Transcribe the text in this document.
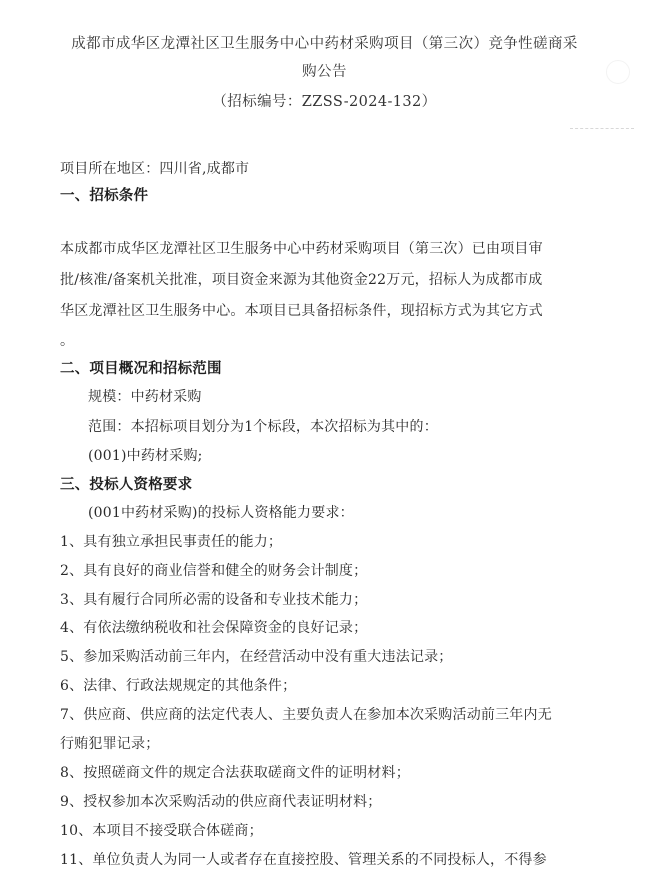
成都市成华区龙潭社区卫生服务中心中药材采购项目（第三次）竞争性磋商采
购公告
（招标编号：ZZSS-2024-132）
项目所在地区：四川省,成都市
一、招标条件
本成都市成华区龙潭社区卫生服务中心中药材采购项目（第三次）已由项目审
批/核准/备案机关批准，项目资金来源为其他资金22万元，招标人为成都市成
华区龙潭社区卫生服务中心。本项目已具备招标条件，现招标方式为其它方式
。
二、项目概况和招标范围
规模：中药材采购
范围：本招标项目划分为1个标段，本次招标为其中的：
(001)中药材采购;
三、投标人资格要求
(001中药材采购)的投标人资格能力要求：
1、具有独立承担民事责任的能力；
2、具有良好的商业信誉和健全的财务会计制度；
3、具有履行合同所必需的设备和专业技术能力；
4、有依法缴纳税收和社会保障资金的良好记录；
5、参加采购活动前三年内，在经营活动中没有重大违法记录；
6、法律、行政法规规定的其他条件；
7、供应商、供应商的法定代表人、主要负责人在参加本次采购活动前三年内无
行贿犯罪记录；
8、按照磋商文件的规定合法获取磋商文件的证明材料；
9、授权参加本次采购活动的供应商代表证明材料；
10、本项目不接受联合体磋商；
11、单位负责人为同一人或者存在直接控股、管理关系的不同投标人，不得参
